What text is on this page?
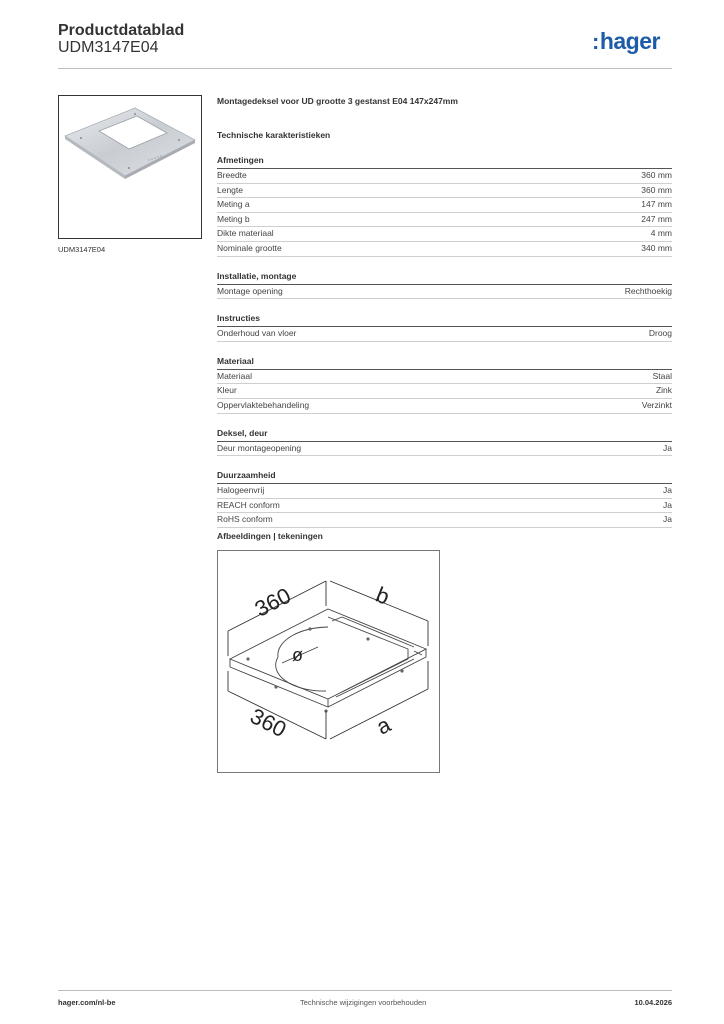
Productdatablad
UDM3147E04	:hager
UDM3147E04
Montagedeksel voor UD grootte 3 gestanst E04 147x247mm
Technische karakteristieken
Afmetingen
Breedte	360 mm
Lengte	360 mm
Meting a	147 mm
Meting b	247 mm
Dikte materiaal	4 mm
Nominale grootte	340 mm
Installatie, montage
Montage opening	Rechthoekig
Instructies
Onderhoud van vloer	Droog
Materiaal
Materiaal	Staal
Kleur	Zink
Oppervlaktebehandeling	Verzinkt
Deksel, deur
Deur montageopening	Ja
Duurzaamheid
Halogeenvrij	Ja
REACH conform	Ja
RoHS conform	Ja
Afbeeldingen | tekeningen
360	b
360	a
ø
hager.com/nl-be	Technische wijzigingen voorbehouden	10.04.2026
